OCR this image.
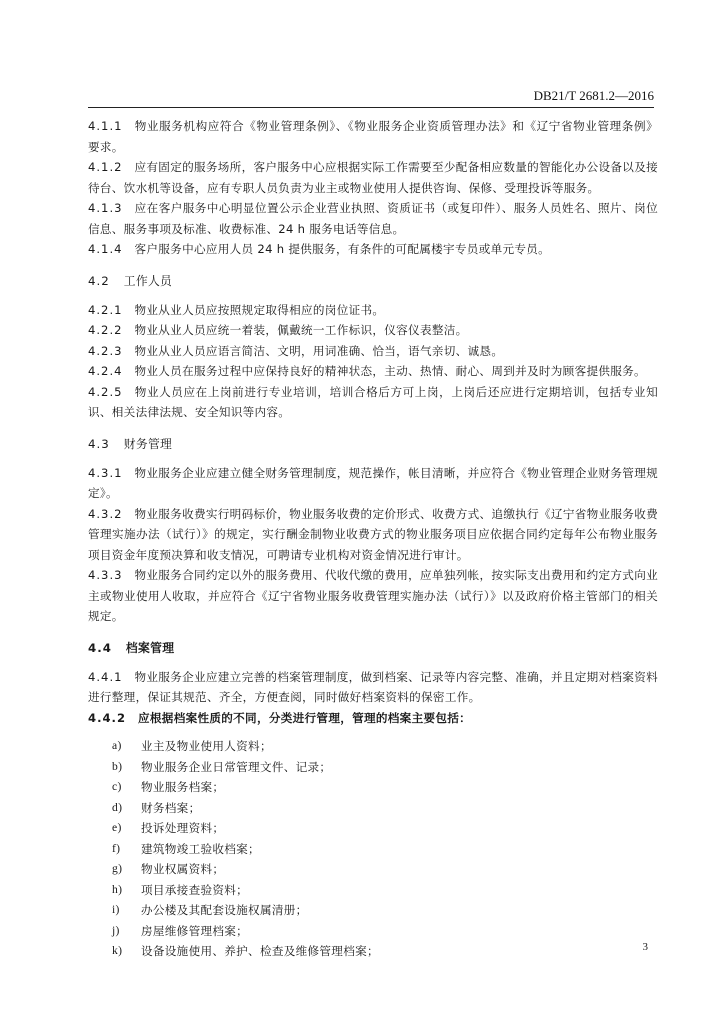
DB21/T 2681.2—2016
4.1.1 物业服务机构应符合《物业管理条例》、《物业服务企业资质管理办法》和《辽宁省物业管理条例》要求。
4.1.2 应有固定的服务场所，客户服务中心应根据实际工作需要至少配备相应数量的智能化办公设备以及接待台、饮水机等设备，应有专职人员负责为业主或物业使用人提供咨询、保修、受理投诉等服务。
4.1.3 应在客户服务中心明显位置公示企业营业执照、资质证书（或复印件）、服务人员姓名、照片、岗位信息、服务事项及标准、收费标准、24 h 服务电话等信息。
4.1.4 客户服务中心应用人员 24 h 提供服务，有条件的可配属楼宇专员或单元专员。
4.2 工作人员
4.2.1 物业从业人员应按照规定取得相应的岗位证书。
4.2.2 物业从业人员应统一着装，佩戴统一工作标识，仪容仪表整洁。
4.2.3 物业从业人员应语言简洁、文明，用词准确、恰当，语气亲切、诚恳。
4.2.4 物业人员在服务过程中应保持良好的精神状态，主动、热情、耐心、周到并及时为顾客提供服务。
4.2.5 物业人员应在上岗前进行专业培训，培训合格后方可上岗，上岗后还应进行定期培训，包括专业知识、相关法律法规、安全知识等内容。
4.3 财务管理
4.3.1 物业服务企业应建立健全财务管理制度，规范操作，帐目清晰，并应符合《物业管理企业财务管理规定》。
4.3.2 物业服务收费实行明码标价，物业服务收费的定价形式、收费方式、追缴执行《辽宁省物业服务收费管理实施办法（试行）》的规定，实行酬金制物业收费方式的物业服务项目应依据合同约定每年公布物业服务项目资金年度预决算和收支情况，可聘请专业机构对资金情况进行审计。
4.3.3 物业服务合同约定以外的服务费用、代收代缴的费用，应单独列帐，按实际支出费用和约定方式向业主或物业使用人收取，并应符合《辽宁省物业服务收费管理实施办法（试行）》以及政府价格主管部门的相关规定。
4.4 档案管理
4.4.1 物业服务企业应建立完善的档案管理制度，做到档案、记录等内容完整、准确，并且定期对档案资料进行整理，保证其规范、齐全，方便查阅，同时做好档案资料的保密工作。
4.4.2 应根据档案性质的不同，分类进行管理，管理的档案主要包括：
a)	业主及物业使用人资料；
b)	物业服务企业日常管理文件、记录；
c)	物业服务档案；
d)	财务档案；
e)	投诉处理资料；
f)	建筑物竣工验收档案；
g)	物业权属资料；
h)	项目承接查验资料；
i)	办公楼及其配套设施权属清册；
j)	房屋维修管理档案；
k)	设备设施使用、养护、检查及维修管理档案；	3
